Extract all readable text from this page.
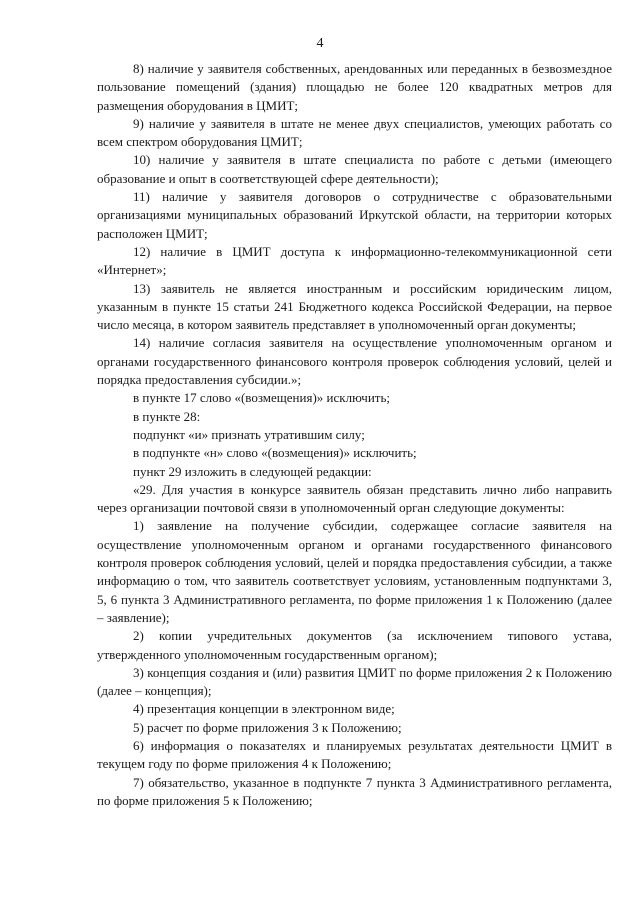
4

8) наличие у заявителя собственных, арендованных или переданных в безвозмездное пользование помещений (здания) площадью не более 120 квадратных метров для размещения оборудования в ЦМИТ;

9) наличие у заявителя в штате не менее двух специалистов, умеющих работать со всем спектром оборудования ЦМИТ;

10) наличие у заявителя в штате специалиста по работе с детьми (имеющего образование и опыт в соответствующей сфере деятельности);

11) наличие у заявителя договоров о сотрудничестве с образовательными организациями муниципальных образований Иркутской области, на территории которых расположен ЦМИТ;

12) наличие в ЦМИТ доступа к информационно-телекоммуникационной сети «Интернет»;

13) заявитель не является иностранным и российским юридическим лицом, указанным в пункте 15 статьи 241 Бюджетного кодекса Российской Федерации, на первое число месяца, в котором заявитель представляет в уполномоченный орган документы;

14) наличие согласия заявителя на осуществление уполномоченным органом и органами государственного финансового контроля проверок соблюдения условий, целей и порядка предоставления субсидии.»;

в пункте 17 слово «(возмещения)» исключить;

в пункте 28:

подпункт «и» признать утратившим силу;

в подпункте «н» слово «(возмещения)» исключить;

пункт 29 изложить в следующей редакции:

«29. Для участия в конкурсе заявитель обязан представить лично либо направить через организации почтовой связи в уполномоченный орган следующие документы:

1) заявление на получение субсидии, содержащее согласие заявителя на осуществление уполномоченным органом и органами государственного финансового контроля проверок соблюдения условий, целей и порядка предоставления субсидии, а также информацию о том, что заявитель соответствует условиям, установленным подпунктами 3, 5, 6 пункта 3 Административного регламента, по форме приложения 1 к Положению (далее – заявление);

2) копии учредительных документов (за исключением типового устава, утвержденного уполномоченным государственным органом);

3) концепция создания и (или) развития ЦМИТ по форме приложения 2 к Положению (далее – концепция);

4) презентация концепции в электронном виде;

5) расчет по форме приложения 3 к Положению;

6) информация о показателях и планируемых результатах деятельности ЦМИТ в текущем году по форме приложения 4 к Положению;

7) обязательство, указанное в подпункте 7 пункта 3 Административного регламента, по форме приложения 5 к Положению;
